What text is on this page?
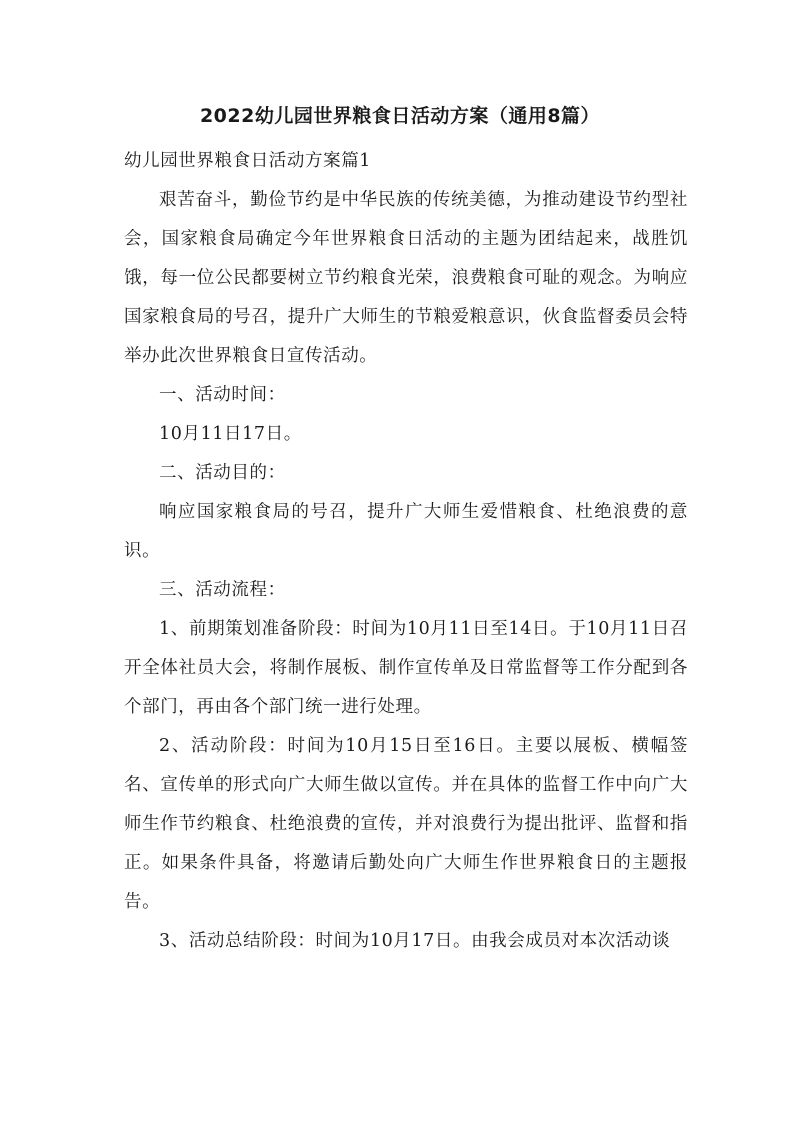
2022幼儿园世界粮食日活动方案（通用8篇）

幼儿园世界粮食日活动方案篇1

艰苦奋斗，勤俭节约是中华民族的传统美德，为推动建设节约型社会，国家粮食局确定今年世界粮食日活动的主题为团结起来，战胜饥饿，每一位公民都要树立节约粮食光荣，浪费粮食可耻的观念。为响应国家粮食局的号召，提升广大师生的节粮爱粮意识，伙食监督委员会特举办此次世界粮食日宣传活动。

一、活动时间：

10月11日17日。

二、活动目的：

响应国家粮食局的号召，提升广大师生爱惜粮食、杜绝浪费的意识。

三、活动流程：

1、前期策划准备阶段：时间为10月11日至14日。于10月11日召开全体社员大会，将制作展板、制作宣传单及日常监督等工作分配到各个部门，再由各个部门统一进行处理。

2、活动阶段：时间为10月15日至16日。主要以展板、横幅签名、宣传单的形式向广大师生做以宣传。并在具体的监督工作中向广大师生作节约粮食、杜绝浪费的宣传，并对浪费行为提出批评、监督和指正。如果条件具备，将邀请后勤处向广大师生作世界粮食日的主题报告。

3、活动总结阶段：时间为10月17日。由我会成员对本次活动谈
